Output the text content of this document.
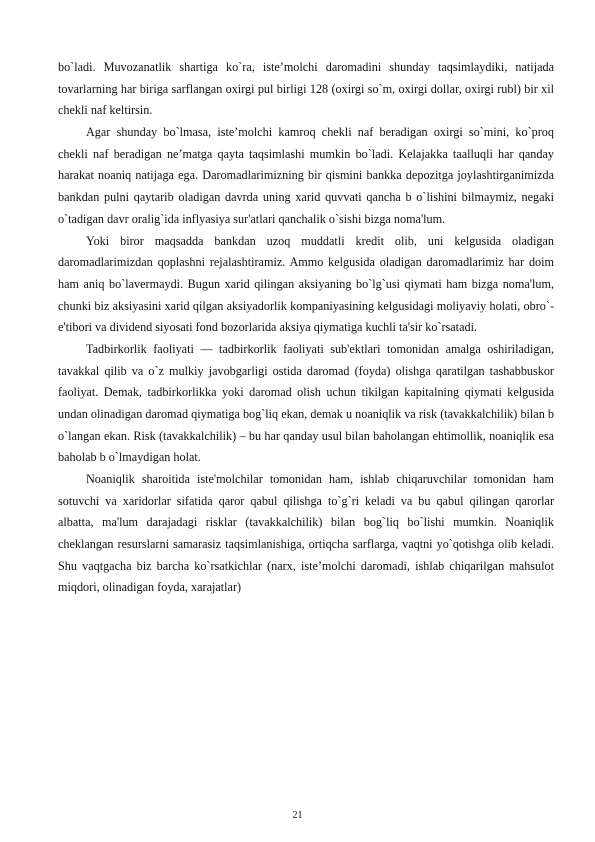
bo`ladi. Muvozanatlik shartiga ko`ra, iste’molchi daromadini shunday taqsimlaydiki, natijada tovarlarning har biriga sarflangan oxirgi pul birligi 128 (oxirgi so`m, oxirgi dollar, oxirgi rubl) bir xil chekli naf keltirsin.

Agar shunday bo`lmasa, iste’molchi kamroq chekli naf beradigan oxirgi so`mini, ko`proq chekli naf beradigan ne’matga qayta taqsimlashi mumkin bo`ladi. Kelajakka taalluqli har qanday harakat noaniq natijaga ega. Daromadlarimizning bir qismini bankka depozitga joylashtirganimizda bankdan pulni qaytarib oladigan davrda uning xarid quvvati qancha b o`lishini bilmaymiz, negaki o`tadigan davr oralig`ida inflyasiya sur'atlari qanchalik o`sishi bizga noma'lum.

Yoki biror maqsadda bankdan uzoq muddatli kredit olib, uni kelgusida oladigan daromadlarimizdan qoplashni rejalashtiramiz. Ammo kelgusida oladigan daromadlarimiz har doim ham aniq bo`lavermaydi. Bugun xarid qilingan aksiyaning bo`lg`usi qiymati ham bizga noma'lum, chunki biz aksiyasini xarid qilgan aksiyadorlik kompaniyasining kelgusidagi moliyaviy holati, obro`-e'tibori va dividend siyosati fond bozorlarida aksiya qiymatiga kuchli ta'sir ko`rsatadi.

Tadbirkorlik faoliyati — tadbirkorlik faoliyati sub'ektlari tomonidan amalga oshiriladigan, tavakkal qilib va o`z mulkiy javobgarligi ostida daromad (foyda) olishga qaratilgan tashabbuskor faoliyat. Demak, tadbirkorlikka yoki daromad olish uchun tikilgan kapitalning qiymati kelgusida undan olinadigan daromad qiymatiga bog`liq ekan, demak u noaniqlik va risk (tavakkalchilik) bilan b o`langan ekan. Risk (tavakkalchilik) – bu har qanday usul bilan baholangan ehtimollik, noaniqlik esa baholab b o`lmaydigan holat.

Noaniqlik sharoitida iste'molchilar tomonidan ham, ishlab chiqaruvchilar tomonidan ham sotuvchi va xaridorlar sifatida qaror qabul qilishga to`g`ri keladi va bu qabul qilingan qarorlar albatta, ma'lum darajadagi risklar (tavakkalchilik) bilan bog`liq bo`lishi mumkin. Noaniqlik cheklangan resurslarni samarasiz taqsimlanishiga, ortiqcha sarflarga, vaqtni yo`qotishga olib keladi. Shu vaqtgacha biz barcha ko`rsatkichlar (narx, iste’molchi daromadi, ishlab chiqarilgan mahsulot miqdori, olinadigan foyda, xarajatlar)

21
